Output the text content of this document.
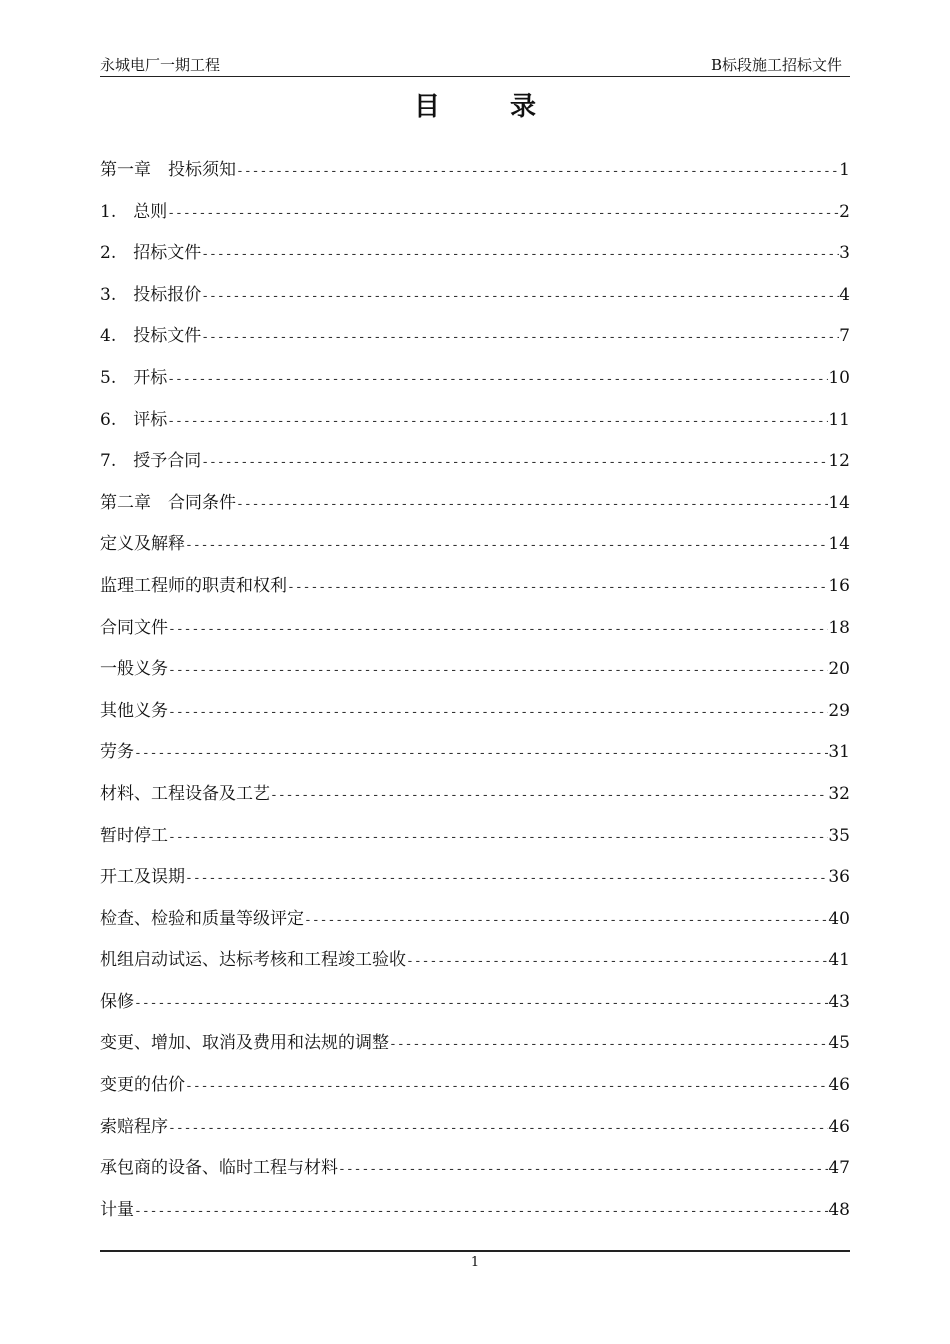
永城电厂一期工程	B标段施工招标文件
目	录
第一章　投标须知 -----	1
1.　总则 -----	2
2.　招标文件 -----	3
3.　投标报价 -----	4
4.　投标文件 -----	7
5.　开标 -----	10
6.　评标 -----	11
7.　授予合同 -----	12
第二章　合同条件 -----	14
定义及解释 -----	14
监理工程师的职责和权利 -----	16
合同文件 -----	18
一般义务 -----	20
其他义务 -----	29
劳务 -----	31
材料、工程设备及工艺 -----	32
暂时停工 -----	35
开工及误期 -----	36
检查、检验和质量等级评定 -----	40
机组启动试运、达标考核和工程竣工验收 -----	41
保修 -----	43
变更、增加、取消及费用和法规的调整 -----	45
变更的估价 -----	46
索赔程序 -----	46
承包商的设备、临时工程与材料 -----	47
计量 -----	48
1
